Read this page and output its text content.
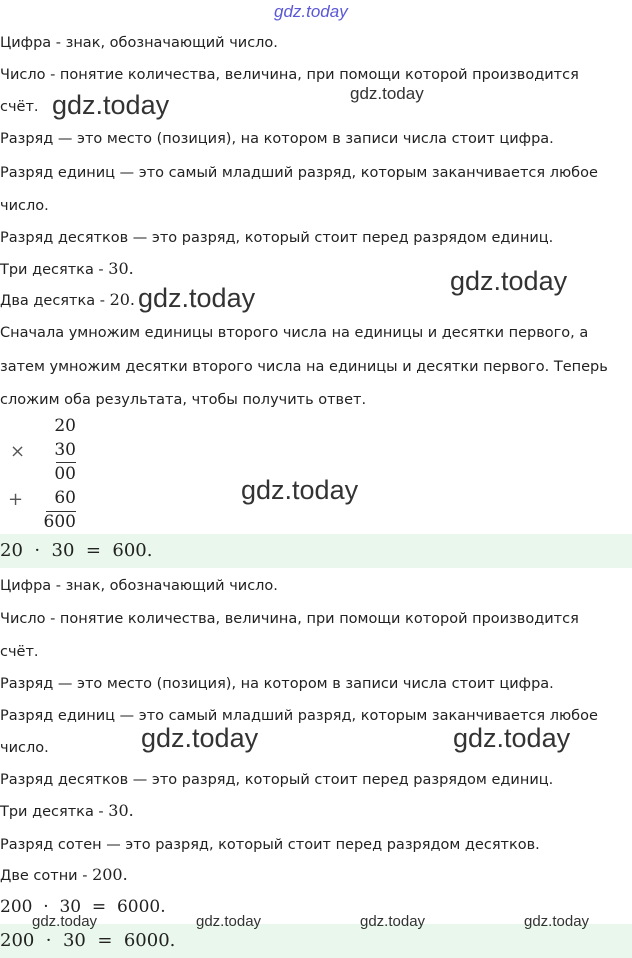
gdz.today
Цифра - знак, обозначающий число.
Число - понятие количества, величина, при помощи которой производится
счёт.
Разряд — это место (позиция), на котором в записи числа стоит цифра.
Разряд единиц — это самый младший разряд, которым заканчивается любое
число.
Разряд десятков — это разряд, который стоит перед разрядом единиц.
Три десятка - 30.
Два десятка - 20.
Сначала умножим единицы второго числа на единицы и десятки первого, а
затем умножим десятки второго числа на единицы и десятки первого. Теперь
сложим оба результата, чтобы получить ответ.
20
×	30
00
+	60
600
20  ·  30  =  600.
Цифра - знак, обозначающий число.
Число - понятие количества, величина, при помощи которой производится
счёт.
Разряд — это место (позиция), на котором в записи числа стоит цифра.
Разряд единиц — это самый младший разряд, которым заканчивается любое
число.
Разряд десятков — это разряд, который стоит перед разрядом единиц.
Три десятка - 30.
Разряд сотен — это разряд, который стоит перед разрядом десятков.
Две сотни - 200.
200  ·  30  =  6000.
200  ·  30  =  6000.
gdz.today	gdz.today
gdz.today
gdz.today
gdz.today
gdz.today	gdz.today
gdz.today	gdz.today	gdz.today	gdz.today
